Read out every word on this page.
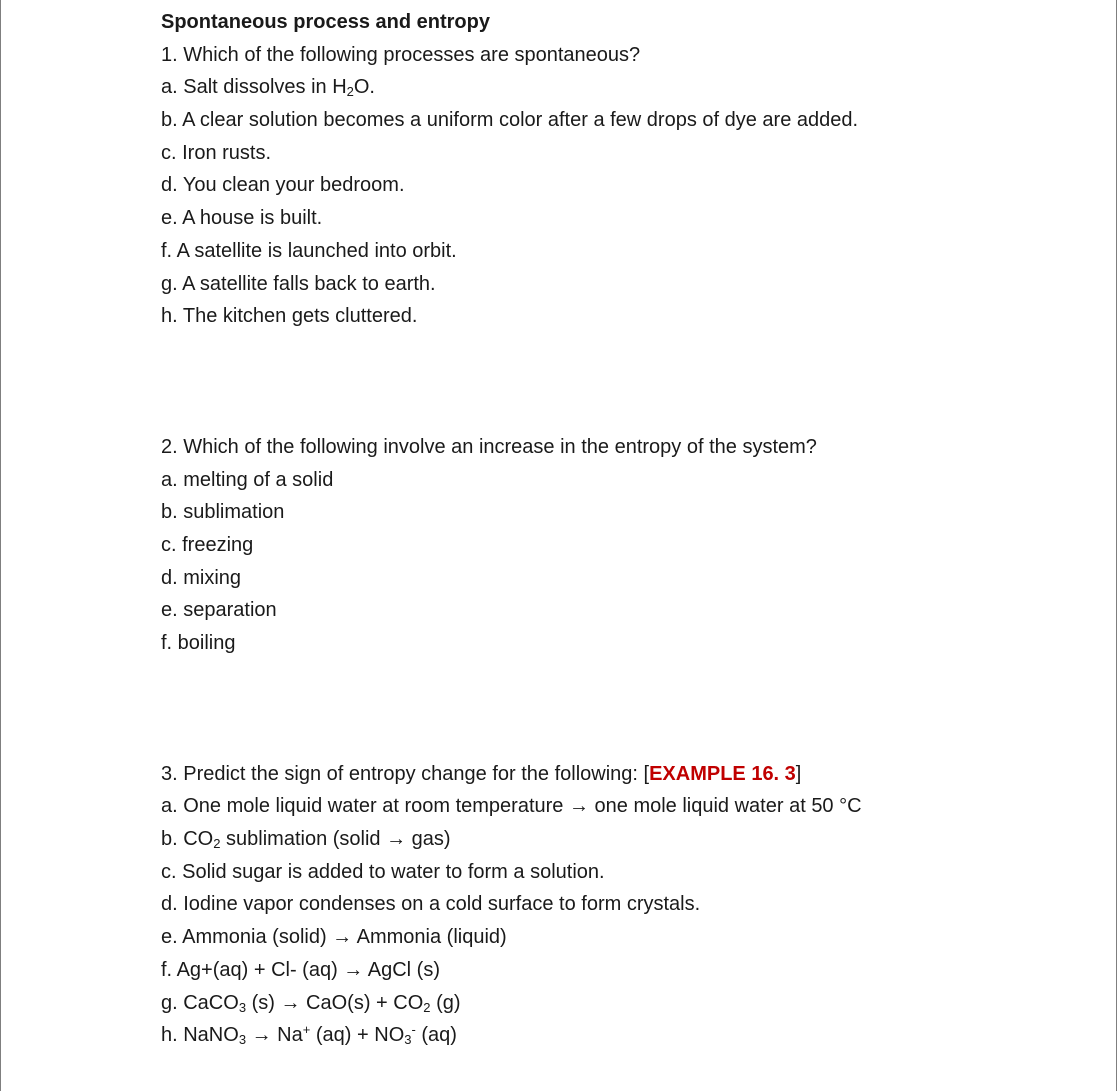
Spontaneous process and entropy
1. Which of the following processes are spontaneous?
a. Salt dissolves in $H_2O$.
b. A clear solution becomes a uniform color after a few drops of dye are added.
c. Iron rusts.
d. You clean your bedroom.
e. A house is built.
f. A satellite is launched into orbit.
g. A satellite falls back to earth.
h. The kitchen gets cluttered.
2. Which of the following involve an increase in the entropy of the system?
a. melting of a solid
b. sublimation
c. freezing
d. mixing
e. separation
f. boiling
3. Predict the sign of entropy change for the following: [EXAMPLE 16. 3]
a. One mole liquid water at room temperature → one mole liquid water at 50 °C
b. $CO_2$ sublimation (solid → gas)
c. Solid sugar is added to water to form a solution.
d. Iodine vapor condenses on a cold surface to form crystals.
e. Ammonia (solid) → Ammonia (liquid)
f. Ag+(aq) + Cl- (aq) → AgCl (s)
g. CaCO$_3$ $(s) \to CaO(s) + CO_2$ (g)
h. NaNO$_3$ → Na+ $(aq) + NO_3^-$ (aq)
